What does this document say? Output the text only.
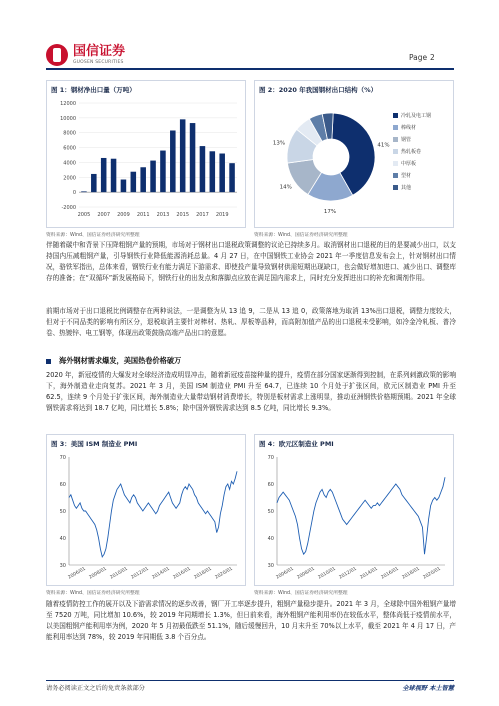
国信证券
GUOSEN SECURITIES
Page 2
图 1：钢材净出口量（万吨）
12000
10000
8000
6000
4000
2000
0
-2000
2005 2007 2009 2011 2013 2015 2017 2019
资料来源：Wind、国信证券经济研究所整理
图 2：2020 年我国钢材出口结构（%）
41%
17%
14%
13%
冷轧及电工钢
棒线材
钢管
热轧板卷
中厚板
型材
其他
资料来源：Wind、国信证券经济研究所整理
伴随着碳中和背景下压降粗钢产量的预期，市场对于钢材出口退税政策调整的议论已持续多月。取消钢材出口退税的目的是要减少出口，以支持国内压减粗钢产量，引导钢铁行业降低能源消耗总量。4 月 27 日，在中国钢铁工业协会 2021 年一季度信息发布会上，针对钢材出口情况，骆铁军指出，总体来看，钢铁行业有能力满足下游需求、即使投产量导致钢材供需短期出现缺口，也会做好增加进口、减少出口、调整库存的准备；在“双循环”新发展格局下，钢铁行业的出发点和落脚点应放在满足国内需求上，同时充分发挥进出口的补充和调剂作用。
前期市场对于出口退税比例调整存在两种说法，一是调整为从 13 追 9，二是从 13 追 0，政策落地为取消 13%出口退税，调整力度较大，但对于不同品类的影响有所区分，退税取消主要针对棒材、热轧、厚板等品种，而高附加值产品的出口退税未受影响，如冷金冷轧板、普冷卷、热镀锌、电工钢等，体现出政策鼓励高端产品出口的意愿。
海外钢材需求爆发，美国热卷价格破万
2020 年，新冠疫情的大爆发对全球经济造成明显冲击，随着新冠疫苗接种量的提升，疫情在部分国家逐渐得到控制，在系列刺激政策的影响下，海外制造业走向复苏。2021 年 3 月，美国 ISM 制造业 PMI 升至 64.7，已连续 10 个月处于扩张区间，欧元区制造业 PMI 升至 62.5，连续 9 个月处于扩张区间，海外制造业大量带动钢材消费增长，特别是板材需求上涨明显，推动亚洲钢铁价格期预期。2021 年全球钢铁需求将达到 18.7 亿吨，同比增长 5.8%；除中国外钢铁需求达到 8.5 亿吨，同比增长 9.3%。
图 3：美国 ISM 制造业 PMI
70
60
50
40
30
2006/01 2008/01 2010/01 2012/01 2014/01 2016/01 2018/01 2020/01
资料来源：Wind、国信证券经济研究所整理
图 4：欧元区制造业 PMI
70
60
50
40
30
2006/01 2008/01 2010/01 2012/01 2014/01 2016/01 2018/01 2020/01
资料来源：Wind、国信证券经济研究所整理
随着疫情防控工作的展开以及下游需求情况的逐步改善，钢厂开工率逐步提升，粗钢产量稳步提升。2021 年 3 月，全球除中国外粗钢产量增至 7520 万吨，同比增加 10.6%，较 2019 年同期增长 1.3%，但日前来看，海外粗钢产能利用率仍在较低水平，整体尚低于疫情前水平，以美国粗钢产能利用率为例，2020 年 5 月初最低跌至 51.1%，随后缓慢回升，10 月末升至 70%以上水平，截至 2021 年 4 月 17 日，产能利用率达到 78%，较 2019 年同期低 3.8 个百分点。
请务必阅读正文之后的免责条款部分	全球视野 本土智慧
